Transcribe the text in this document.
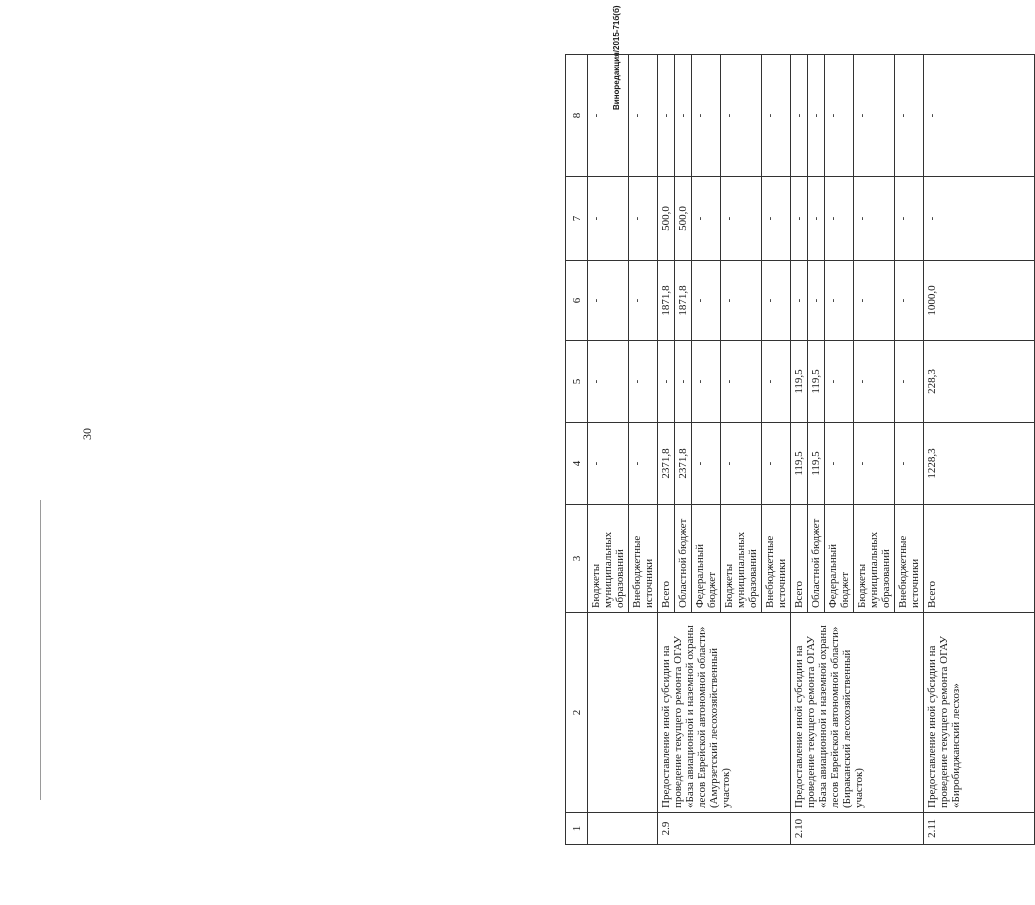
30
Виноредакция/2015-71б(б)
1	2	3	4	5	6	7	8
		Бюджеты муниципальных образований	-	-	-	-	-
		Внебюджетные источники	-	-	-	-	-
2.9	Предоставление иной субсидии на проведение текущего ремонта ОГАУ «База авиационной и наземной охраны лесов Еврейской автономной области» (Амурзетский лесохозяйственный участок)	Всего	2371,8	-	1871,8	500,0	-
		Областной бюджет	2371,8	-	1871,8	500,0	-
		Федеральный бюджет	-	-	-	-	-
		Бюджеты муниципальных образований	-	-	-	-	-
		Внебюджетные источники	-	-	-	-	-
2.10	Предоставление иной субсидии на проведение текущего ремонта ОГАУ «База авиационной и наземной охраны лесов Еврейской автономной области» (Бираканский лесохозяйственный участок)	Всего	119,5	119,5	-	-	-
		Областной бюджет	119,5	119,5	-	-	-
		Федеральный бюджет	-	-	-	-	-
		Бюджеты муниципальных образований	-	-	-	-	-
		Внебюджетные источники	-	-	-	-	-
2.11	Предоставление иной субсидии на проведение текущего ремонта ОГАУ «Биробиджанский лесхоз»	Всего	1228,3	228,3	1000,0	-	-
